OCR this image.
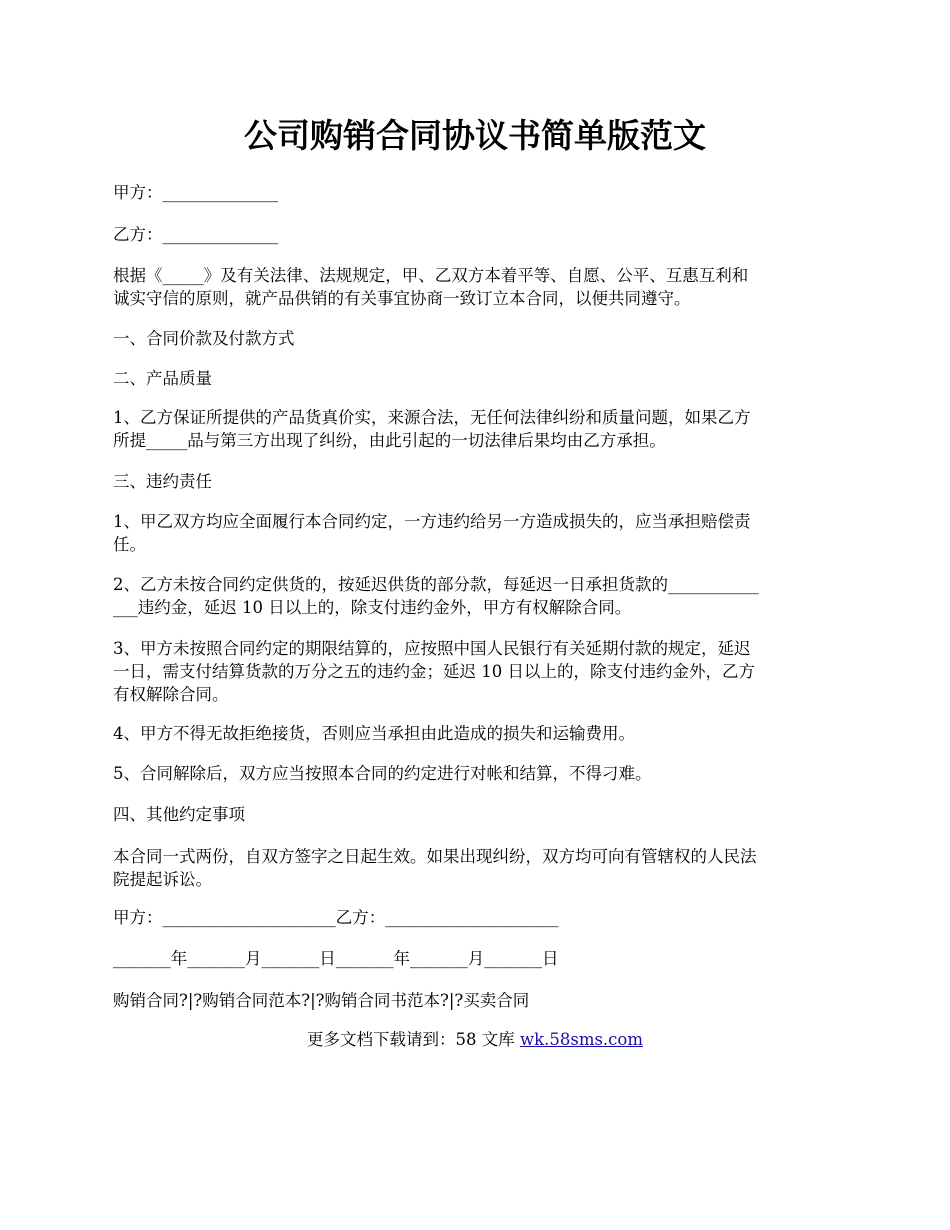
公司购销合同协议书简单版范文
甲方：______________
乙方：______________
根据《_____》及有关法律、法规规定，甲、乙双方本着平等、自愿、公平、互惠互利和
诚实守信的原则，就产品供销的有关事宜协商一致订立本合同，以便共同遵守。
一、合同价款及付款方式
二、产品质量
1、乙方保证所提供的产品货真价实，来源合法，无任何法律纠纷和质量问题，如果乙方
所提_____品与第三方出现了纠纷，由此引起的一切法律后果均由乙方承担。
三、违约责任
1、甲乙双方均应全面履行本合同约定，一方违约给另一方造成损失的，应当承担赔偿责
任。
2、乙方未按合同约定供货的，按延迟供货的部分款，每延迟一日承担货款的___________
___违约金，延迟 10 日以上的，除支付违约金外，甲方有权解除合同。
3、甲方未按照合同约定的期限结算的，应按照中国人民银行有关延期付款的规定，延迟
一日，需支付结算货款的万分之五的违约金；延迟 10 日以上的，除支付违约金外，乙方
有权解除合同。
4、甲方不得无故拒绝接货，否则应当承担由此造成的损失和运输费用。
5、合同解除后，双方应当按照本合同的约定进行对帐和结算，不得刁难。
四、其他约定事项
本合同一式两份，自双方签字之日起生效。如果出现纠纷，双方均可向有管辖权的人民法
院提起诉讼。
甲方：_____________________乙方：_____________________
_______年_______月_______日_______年_______月_______日
购销合同?|?购销合同范本?|?购销合同书范本?|?买卖合同
更多文档下载请到：58 文库 wk.58sms.com
